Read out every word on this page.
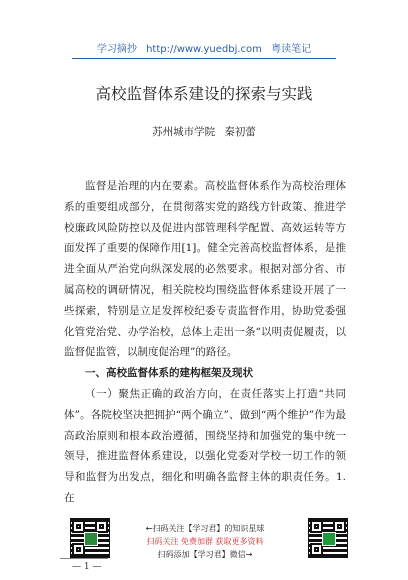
学习摘抄 http://www.yuedbj.com 粤读笔记
高校监督体系建设的探索与实践
苏州城市学院 秦初蕾

监督是治理的内在要素。高校监督体系作为高校治理体系的重要组成部分，在贯彻落实党的路线方针政策、推进学校廉政风险防控以及促进内部管理科学配置、高效运转等方面发挥了重要的保障作用[1]。健全完善高校监督体系，是推进全面从严治党向纵深发展的必然要求。根据对部分省、市属高校的调研情况，相关院校均围绕监督体系建设开展了一些探索，特别是立足发挥校纪委专责监督作用，协助党委强化管党治党、办学治校，总体上走出一条“以明责促履责，以监督促监管，以制度促治理”的路径。

一、高校监督体系的建构框架及现状

（一）聚焦正确的政治方向，在责任落实上打造“共同体”。各院校坚决把拥护“两个确立”、做到“两个维护”作为最高政治原则和根本政治遵循，围绕坚持和加强党的集中统一领导，推进监督体系建设，以强化党委对学校一切工作的领导和监督为出发点，细化和明确各监督主体的职责任务。1.在

←扫码关注【学习君】的知识星球
扫码关注 免费加群 获取更多资料
扫码添加【学习君】微信→
— 1 —
